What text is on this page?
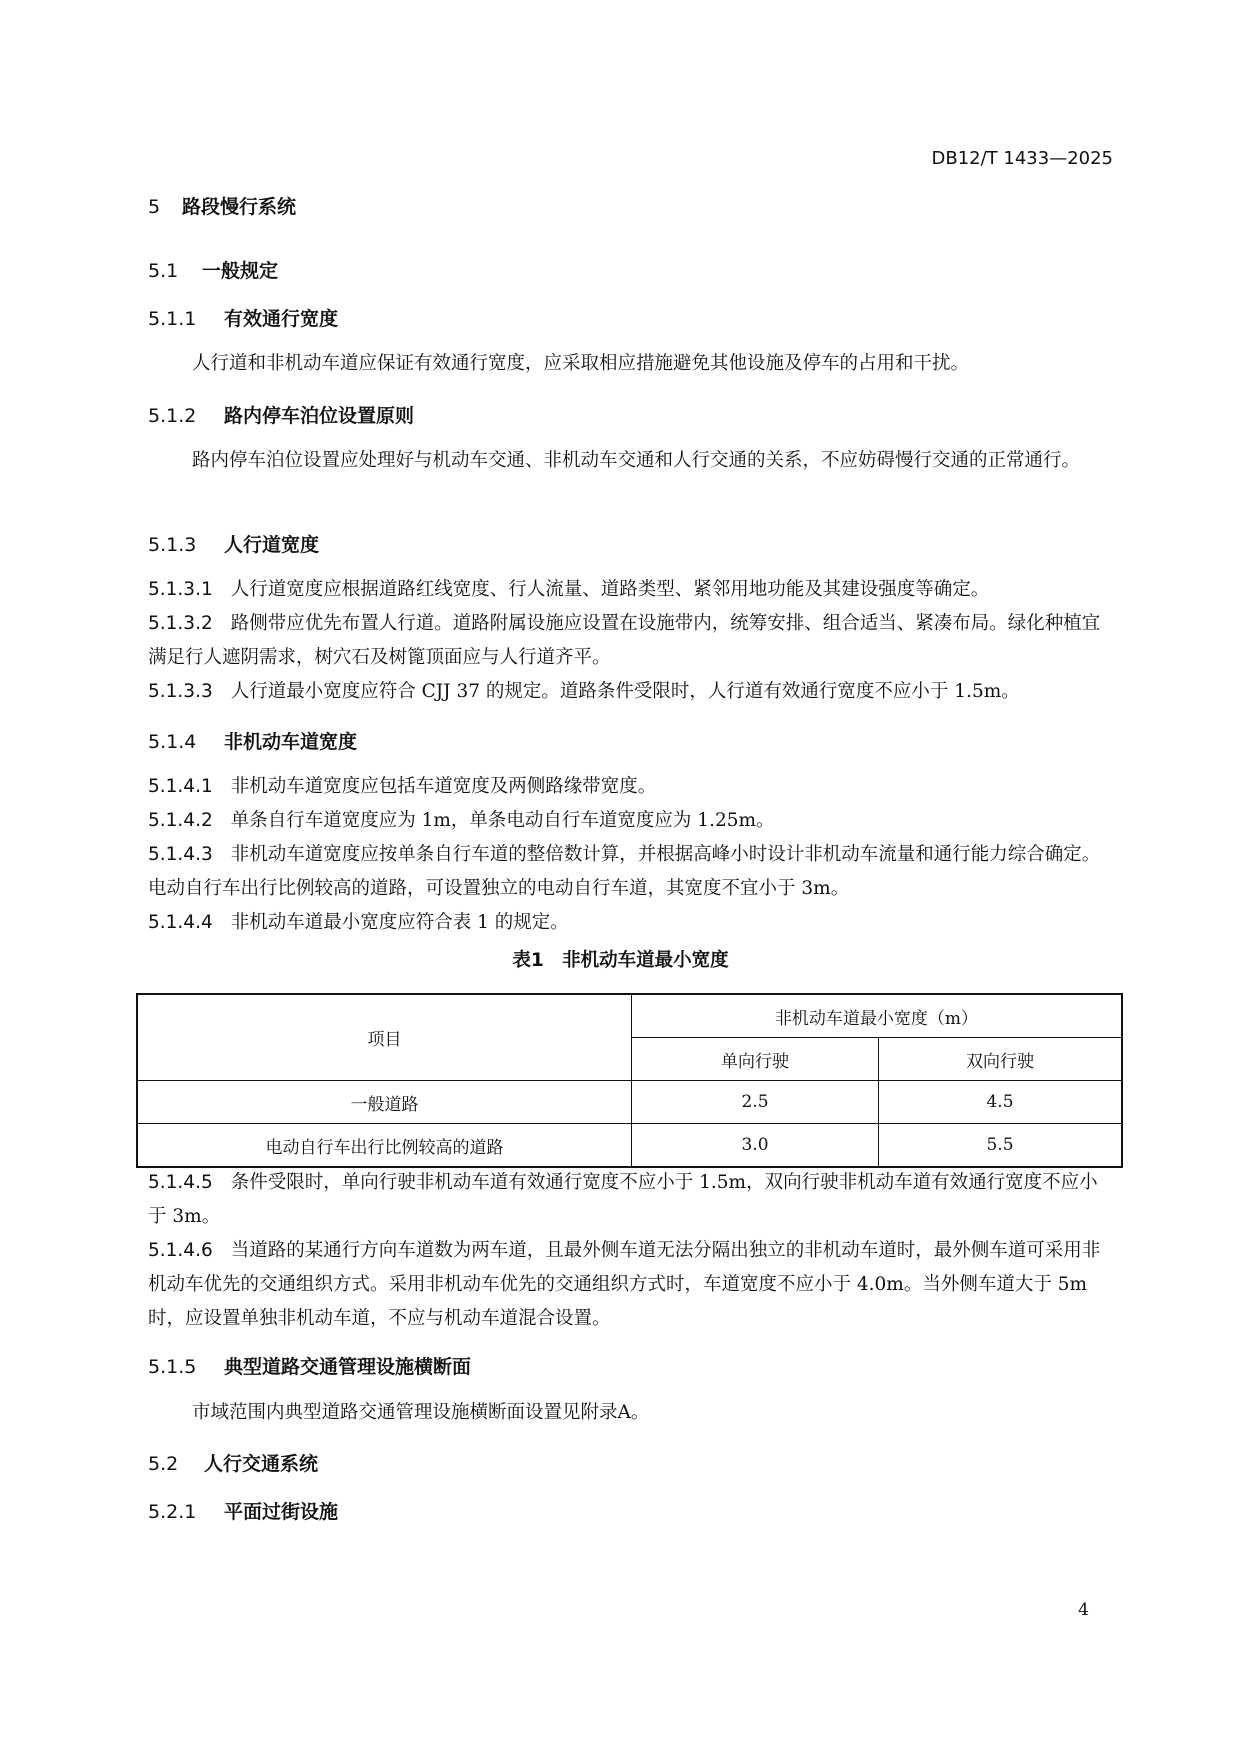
DB12/T 1433—2025
5 路段慢行系统
5.1 一般规定
5.1.1 有效通行宽度
人行道和非机动车道应保证有效通行宽度，应采取相应措施避免其他设施及停车的占用和干扰。
5.1.2 路内停车泊位设置原则
路内停车泊位设置应处理好与机动车交通、非机动车交通和人行交通的关系，不应妨碍慢行交通的正常通行。
5.1.3 人行道宽度
5.1.3.1 人行道宽度应根据道路红线宽度、行人流量、道路类型、紧邻用地功能及其建设强度等确定。
5.1.3.2 路侧带应优先布置人行道。道路附属设施应设置在设施带内，统筹安排、组合适当、紧凑布局。绿化种植宜满足行人遮阴需求，树穴石及树篦顶面应与人行道齐平。
5.1.3.3 人行道最小宽度应符合 CJJ 37 的规定。道路条件受限时，人行道有效通行宽度不应小于 1.5m。
5.1.4 非机动车道宽度
5.1.4.1 非机动车道宽度应包括车道宽度及两侧路缘带宽度。
5.1.4.2 单条自行车道宽度应为 1m，单条电动自行车道宽度应为 1.25m。
5.1.4.3 非机动车道宽度应按单条自行车道的整倍数计算，并根据高峰小时设计非机动车流量和通行能力综合确定。电动自行车出行比例较高的道路，可设置独立的电动自行车道，其宽度不宜小于 3m。
5.1.4.4 非机动车道最小宽度应符合表 1 的规定。
表1　非机动车道最小宽度
项目	非机动车道最小宽度（m）	
	单向行驶	双向行驶
一般道路	2.5	4.5
电动自行车出行比例较高的道路	3.0	5.5
5.1.4.5 条件受限时，单向行驶非机动车道有效通行宽度不应小于 1.5m，双向行驶非机动车道有效通行宽度不应小于 3m。
5.1.4.6 当道路的某通行方向车道数为两车道，且最外侧车道无法分隔出独立的非机动车道时，最外侧车道可采用非机动车优先的交通组织方式。采用非机动车优先的交通组织方式时，车道宽度不应小于 4.0m。当外侧车道大于 5m 时，应设置单独非机动车道，不应与机动车道混合设置。
5.1.5 典型道路交通管理设施横断面
市域范围内典型道路交通管理设施横断面设置见附录A。
5.2 人行交通系统
5.2.1 平面过街设施
4
